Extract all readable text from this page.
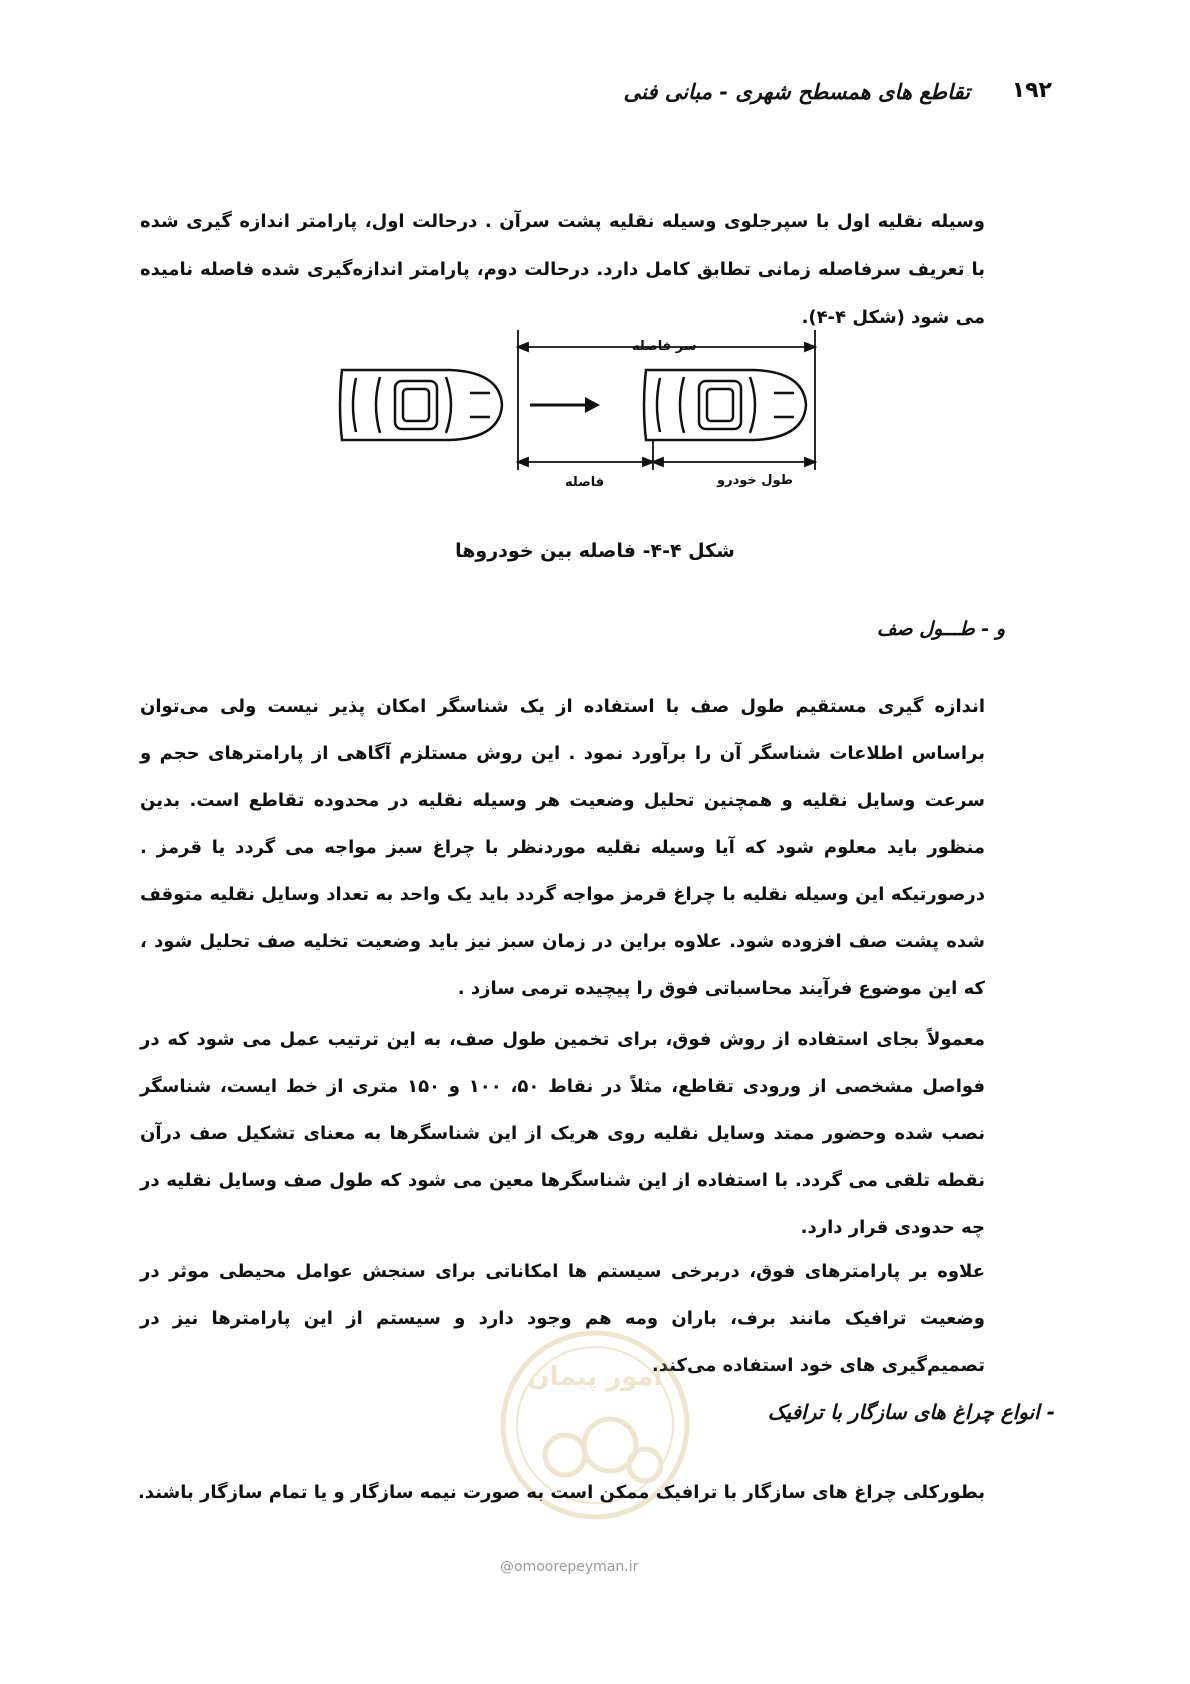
۱۹۲
تقاطع های همسطح شهری - مبانی فنی

وسیله نقلیه اول با سپرجلوی وسیله نقلیه پشت سرآن . درحالت اول، پارامتر اندازه گیری شده با تعریف سرفاصله زمانی تطابق کامل دارد. درحالت دوم، پارامتر اندازه‌گیری شده فاصله نامیده می شود (شکل ۴-۴).

سر فاصله
فاصله	طول خودرو
شکل ۴-۴- فاصله بین خودروها
و - طـــول صف

اندازه گیری مستقیم طول صف با استفاده از یک شناسگر امکان پذیر نیست ولی می‌توان براساس اطلاعات شناسگر آن را برآورد نمود . این روش مستلزم آگاهی از پارامترهای حجم و سرعت وسایل نقلیه و همچنین تحلیل وضعیت هر وسیله نقلیه در محدوده تقاطع است. بدین منظور باید معلوم شود که آیا وسیله نقلیه موردنظر با چراغ سبز مواجه می گردد یا قرمز . درصورتیکه این وسیله نقلیه با چراغ قرمز مواجه گردد باید یک واحد به تعداد وسایل نقلیه متوقف شده پشت صف افزوده شود. علاوه براین در زمان سبز نیز باید وضعیت تخلیه صف تحلیل شود ، که این موضوع فرآیند محاسباتی فوق را پیچیده ترمی سازد .

معمولاً بجای استفاده از روش فوق، برای تخمین طول صف، به این ترتیب عمل می شود که در فواصل مشخصی از ورودی تقاطع، مثلاً در نقاط ۵۰، ۱۰۰ و ۱۵۰ متری از خط ایست، شناسگر نصب شده وحضور ممتد وسایل نقلیه روی هریک از این شناسگرها به معنای تشکیل صف درآن نقطه تلقی می گردد. با استفاده از این شناسگرها معین می شود که طول صف وسایل نقلیه در چه حدودی قرار دارد.

علاوه بر پارامترهای فوق، دربرخی سیستم ها امکاناتی برای سنجش عوامل محیطی موثر در وضعیت ترافیک مانند برف، باران ومه هم وجود دارد و سیستم از این پارامترها نیز در تصمیم‌گیری های خود استفاده می‌کند.

امور پیمان
- انواع چراغ های سازگار با ترافیک
بطورکلی چراغ های سازگار با ترافیک ممکن است به صورت نیمه سازگار و یا تمام سازگار باشند.
@omoorepeyman.ir
